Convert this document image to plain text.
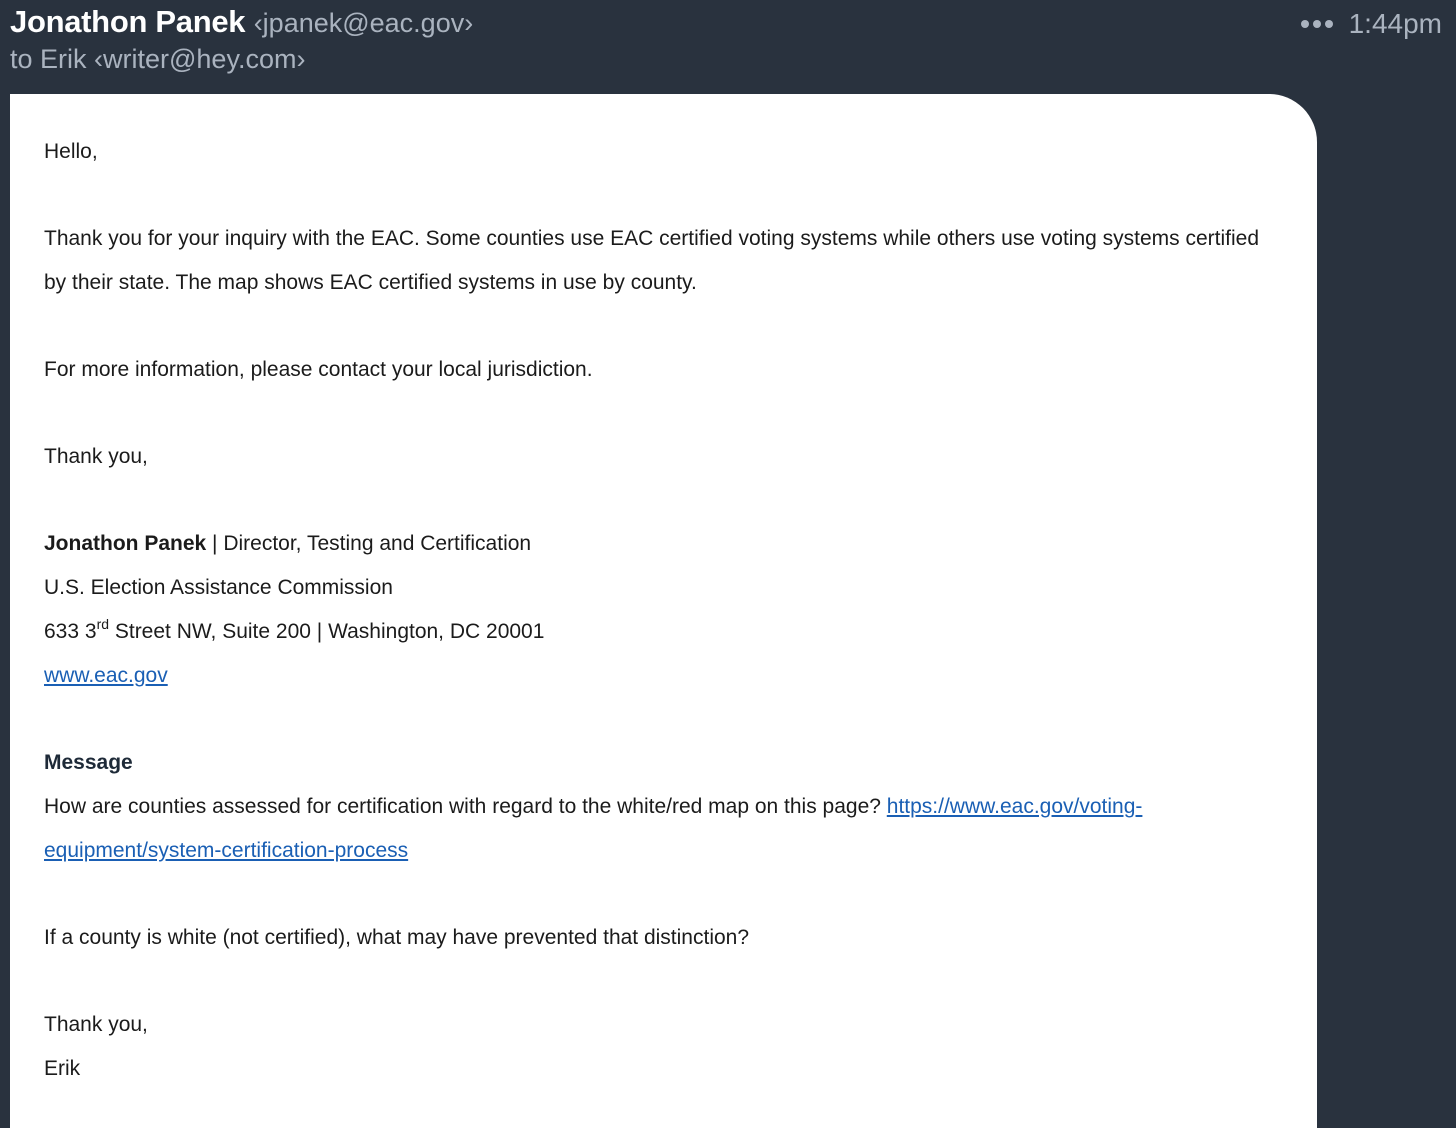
Jonathon Panek ‹jpanek@eac.gov›
to Erik ‹writer@hey.com›
1:44pm

Hello,

Thank you for your inquiry with the EAC. Some counties use EAC certified voting systems while others use voting systems certified by their state. The map shows EAC certified systems in use by county.

For more information, please contact your local jurisdiction.

Thank you,

Jonathon Panek | Director, Testing and Certification

U.S. Election Assistance Commission

633 3rd Street NW, Suite 200 | Washington, DC 20001

www.eac.gov

Message

How are counties assessed for certification with regard to the white/red map on this page? https://www.eac.gov/voting-equipment/system-certification-process

If a county is white (not certified), what may have prevented that distinction?

Thank you,

Erik
